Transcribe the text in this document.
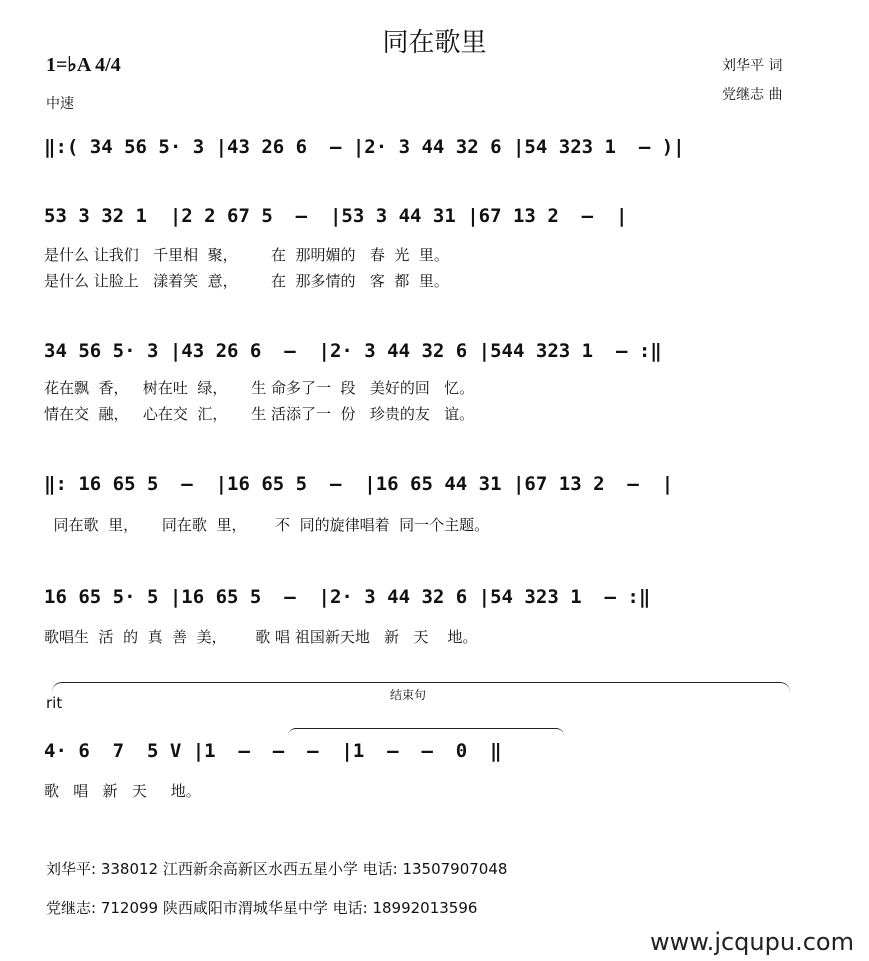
同在歌里
1=♭A 4/4
中速
刘华平 词
党继志 曲
‖:( 34 56 5· 3 |43 26 6  – |2· 3 44 32 6 |54 323 1  – )|
53 3 32 1  |2 2 67 5  –  |53 3 44 31 |67 13 2  –  |
是什么 让我们   千里相  聚，       在  那明媚的   春  光  里。
是什么 让脸上   漾着笑  意，       在  那多情的   客  都  里。
34 56 5· 3 |43 26 6  –  |2· 3 44 32 6 |544 323 1  – :‖
花在飘  香，   树在吐  绿，     生 命多了一  段   美好的回   忆。
情在交  融，   心在交  汇，     生 活添了一  份   珍贵的友   谊。
‖: 16 65 5  –  |16 65 5  –  |16 65 44 31 |67 13 2  –  |
同在歌  里，     同在歌  里，      不  同的旋律唱着  同一个主题。
16 65 5· 5 |16 65 5  –  |2· 3 44 32 6 |54 323 1  – :‖
歌唱生  活  的  真  善  美，      歌 唱 祖国新天地   新   天    地。
rit	结束句
4· 6  7  5 V |1  –  –  –  |1  –  –  0  ‖
歌   唱   新   天     地。
刘华平: 338012 江西新余高新区水西五星小学 电话: 13507907048
党继志: 712099 陕西咸阳市渭城华星中学 电话: 18992013596
www.jcqupu.com
